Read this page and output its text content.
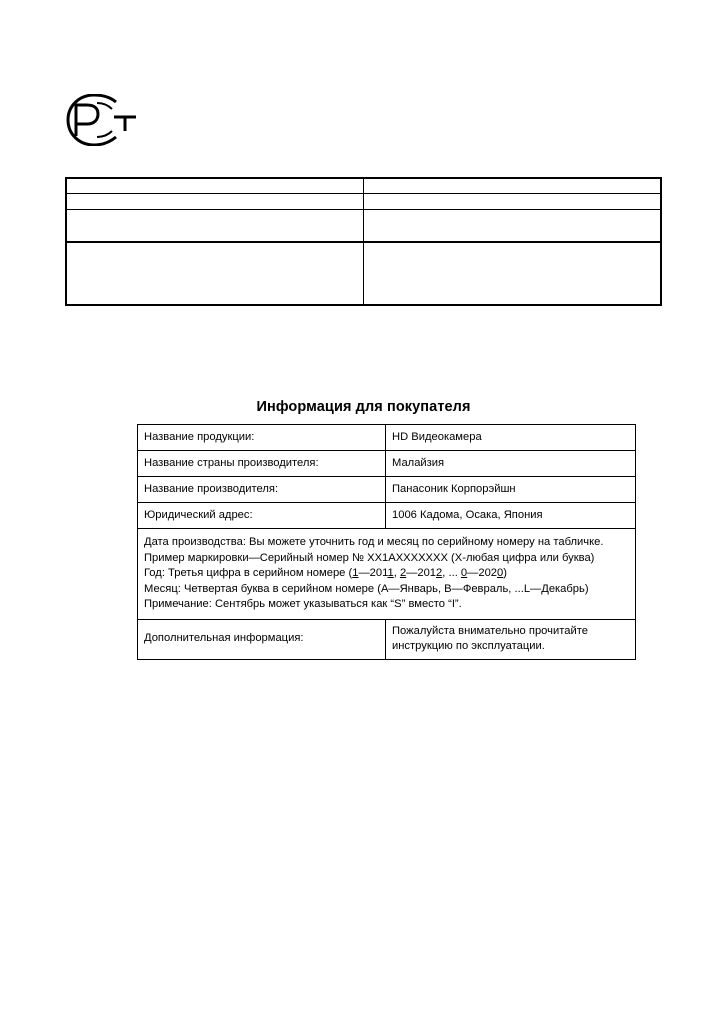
Информация для покупателя
Название продукции:	HD Видеокамера
Название страны производителя:	Малайзия
Название производителя:	Панасоник Корпорэйшн
Юридический адрес:	1006 Кадома, Осака, Япония

Дата производства: Вы можете уточнить год и месяц по серийному номеру на табличке.
Пример маркировки—Серийный номер № XX1AXXXXXXX (X-любая цифра или буква)
Год: Третья цифра в серийном номере (1—2011, 2—2012, ... 0—2020)
Месяц: Четвертая буква в серийном номере (A—Январь, B—Февраль, ...L—Декабрь)
Примечание: Сентябрь может указываться как “S” вместо “I”.	

Дополнительная информация:	Пожалуйста внимательно прочитайте
инструкцию по эксплуатации.
